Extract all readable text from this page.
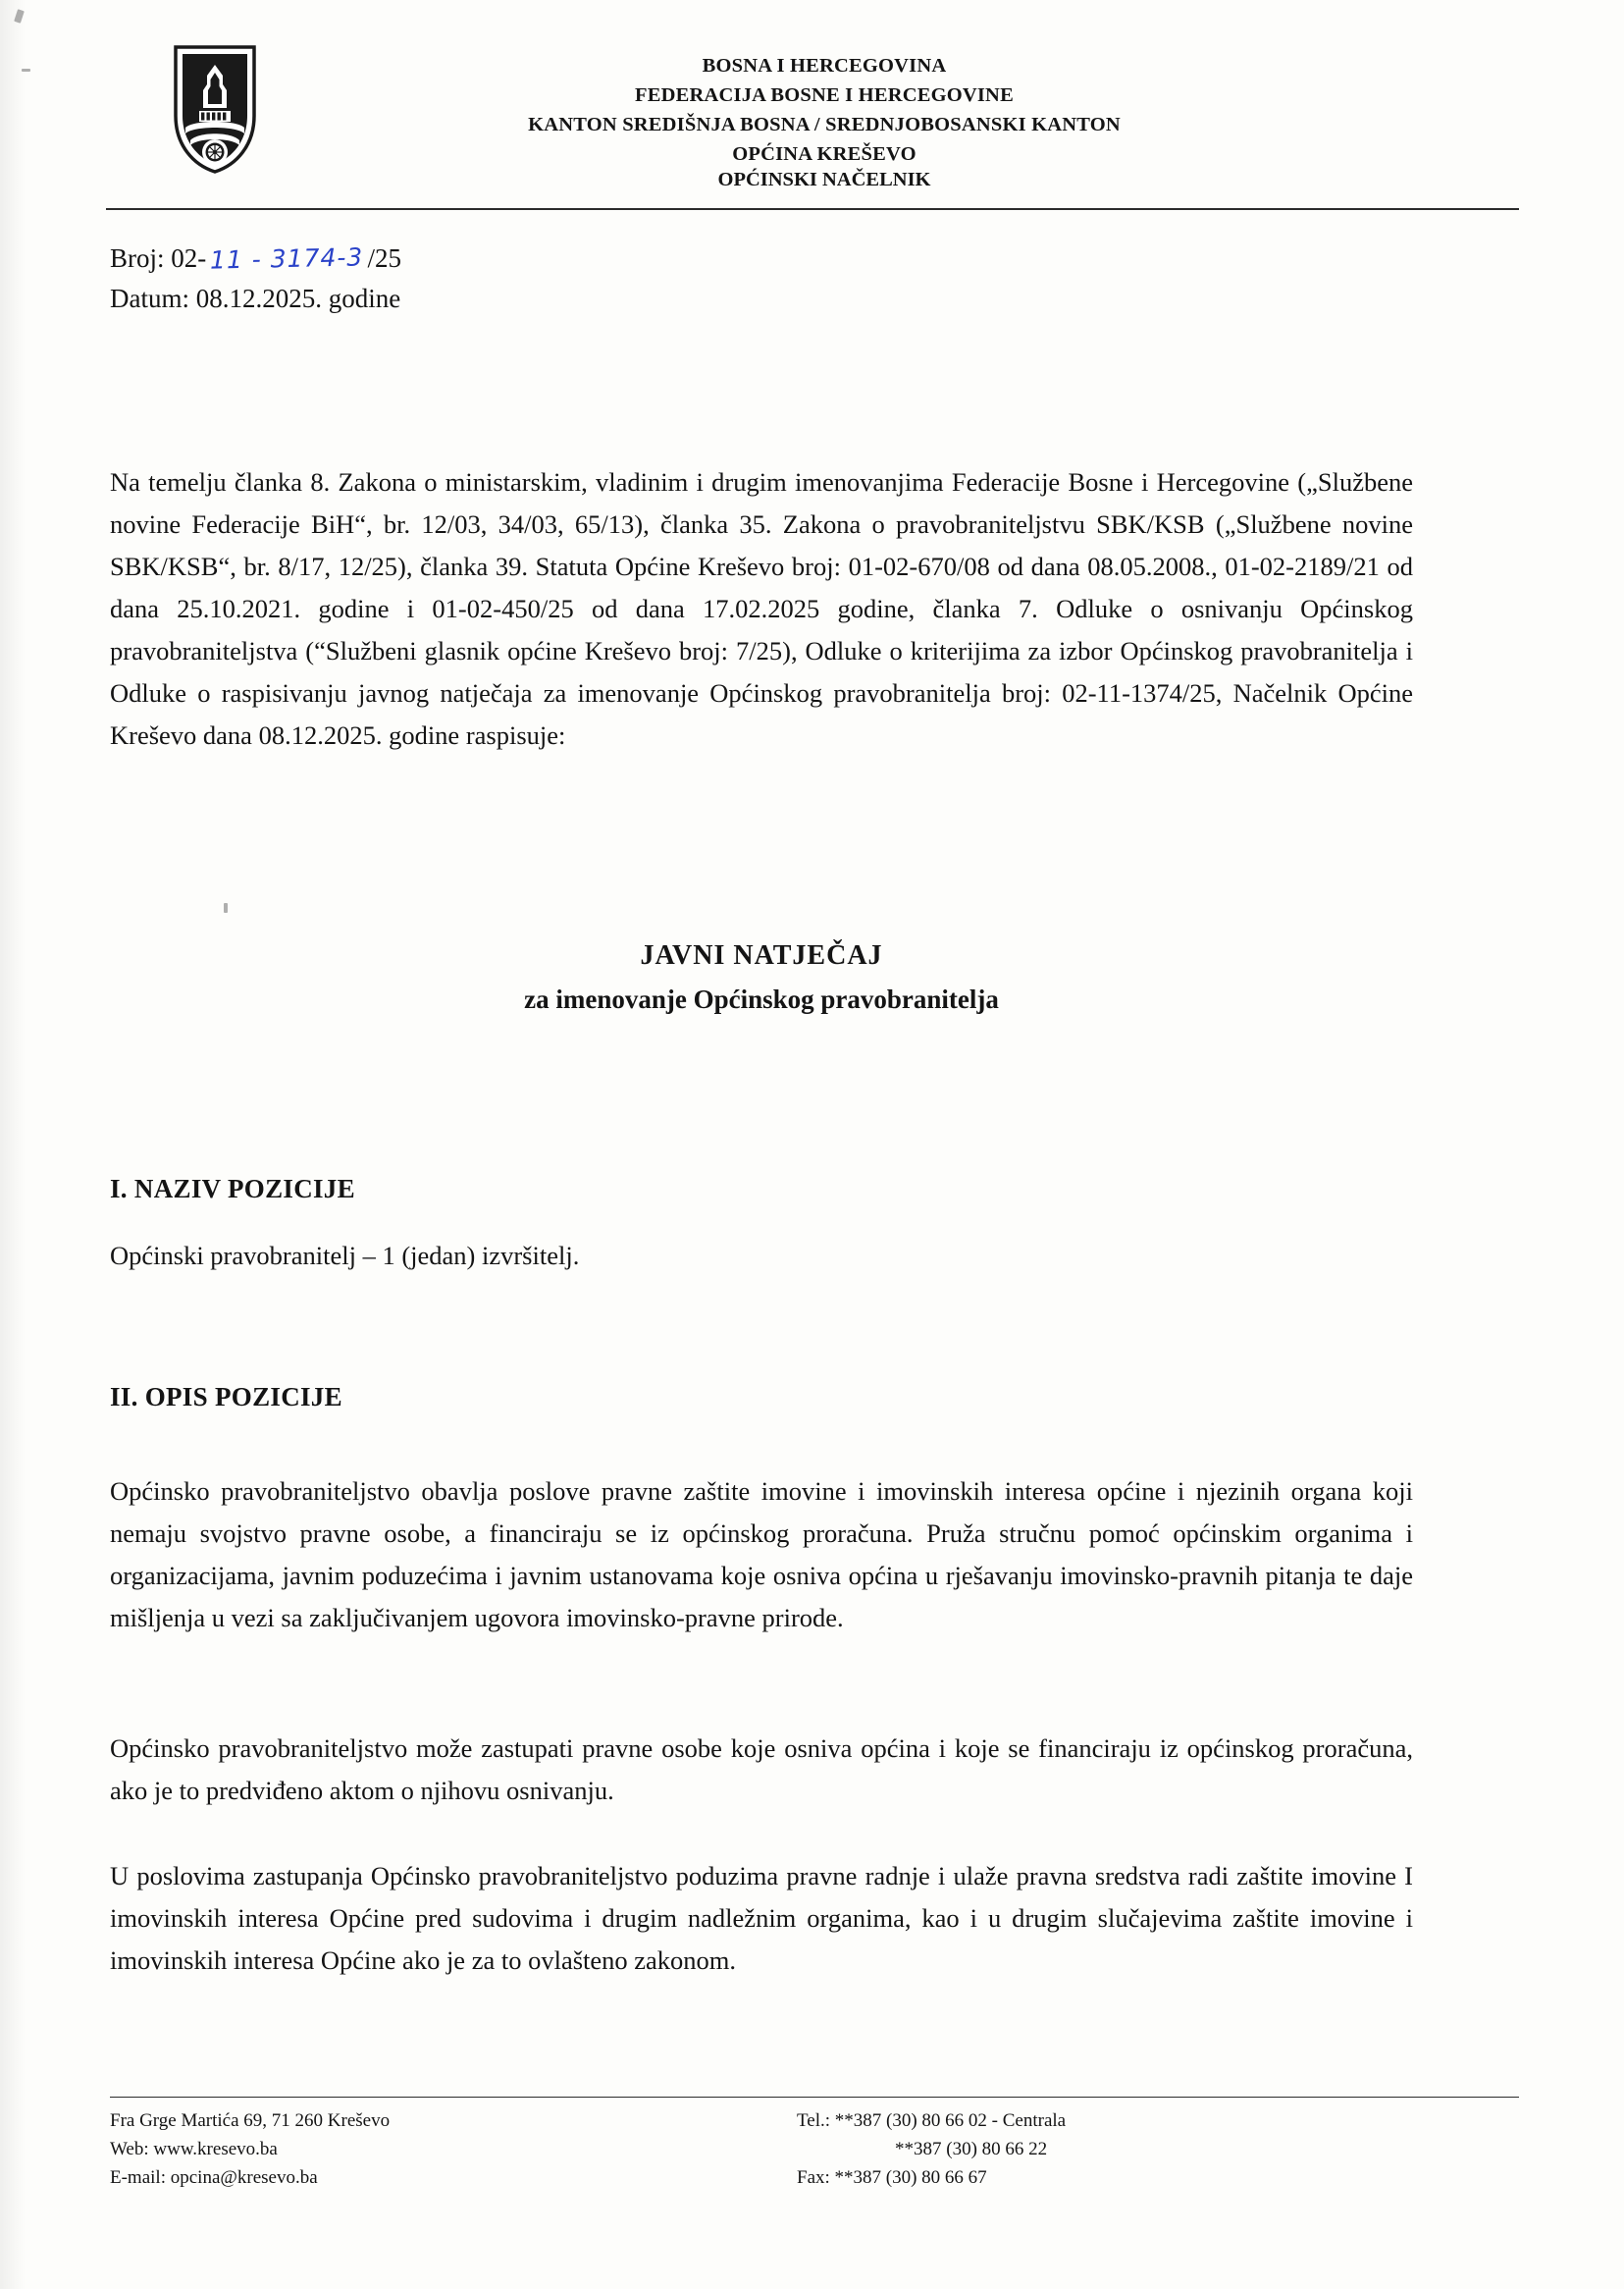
BOSNA I HERCEGOVINA
FEDERACIJA BOSNE I HERCEGOVINE
KANTON SREDIŠNJA BOSNA / SREDNJOBOSANSKI KANTON
OPĆINA KREŠEVO
OPĆINSKI NAČELNIK
Broj: 02- 11 - 3174-3 /25
Datum: 08.12.2025. godine

Na temelju članka 8. Zakona o ministarskim, vladinim i drugim imenovanjima Federacije Bosne i Hercegovine („Službene novine Federacije BiH“, br. 12/03, 34/03, 65/13), članka 35. Zakona o pravobraniteljstvu SBK/KSB („Službene novine SBK/KSB“, br. 8/17, 12/25), članka 39. Statuta Općine Kreševo broj: 01-02-670/08 od dana 08.05.2008., 01-02-2189/21 od dana 25.10.2021. godine i 01-02-450/25 od dana 17.02.2025 godine, članka 7. Odluke o osnivanju Općinskog pravobraniteljstva (“Službeni glasnik općine Kreševo broj: 7/25), Odluke o kriterijima za izbor Općinskog pravobranitelja i Odluke o raspisivanju javnog natječaja za imenovanje Općinskog pravobranitelja broj: 02-11-1374/25, Načelnik Općine Kreševo dana 08.12.2025. godine raspisuje:

JAVNI NATJEČAJ
za imenovanje Općinskog pravobranitelja
I. NAZIV POZICIJE

Općinski pravobranitelj – 1 (jedan) izvršitelj.

II. OPIS POZICIJE

Općinsko pravobraniteljstvo obavlja poslove pravne zaštite imovine i imovinskih interesa općine i njezinih organa koji nemaju svojstvo pravne osobe, a financiraju se iz općinskog proračuna. Pruža stručnu pomoć općinskim organima i organizacijama, javnim poduzećima i javnim ustanovama koje osniva općina u rješavanju imovinsko-pravnih pitanja te daje mišljenja u vezi sa zaključivanjem ugovora imovinsko-pravne prirode.

Općinsko pravobraniteljstvo može zastupati pravne osobe koje osniva općina i koje se financiraju iz općinskog proračuna, ako je to predviđeno aktom o njihovu osnivanju.

U poslovima zastupanja Općinsko pravobraniteljstvo poduzima pravne radnje i ulaže pravna sredstva radi zaštite imovine I imovinskih interesa Općine pred sudovima i drugim nadležnim organima, kao i u drugim slučajevima zaštite imovine i imovinskih interesa Općine ako je za to ovlašteno zakonom.

Fra Grge Martića 69, 71 260 Kreševo
Web: www.kresevo.ba
E-mail: opcina@kresevo.ba
Tel.: **387 (30) 80 66 02 - Centrala
**387 (30) 80 66 22
Fax: **387 (30) 80 66 67
